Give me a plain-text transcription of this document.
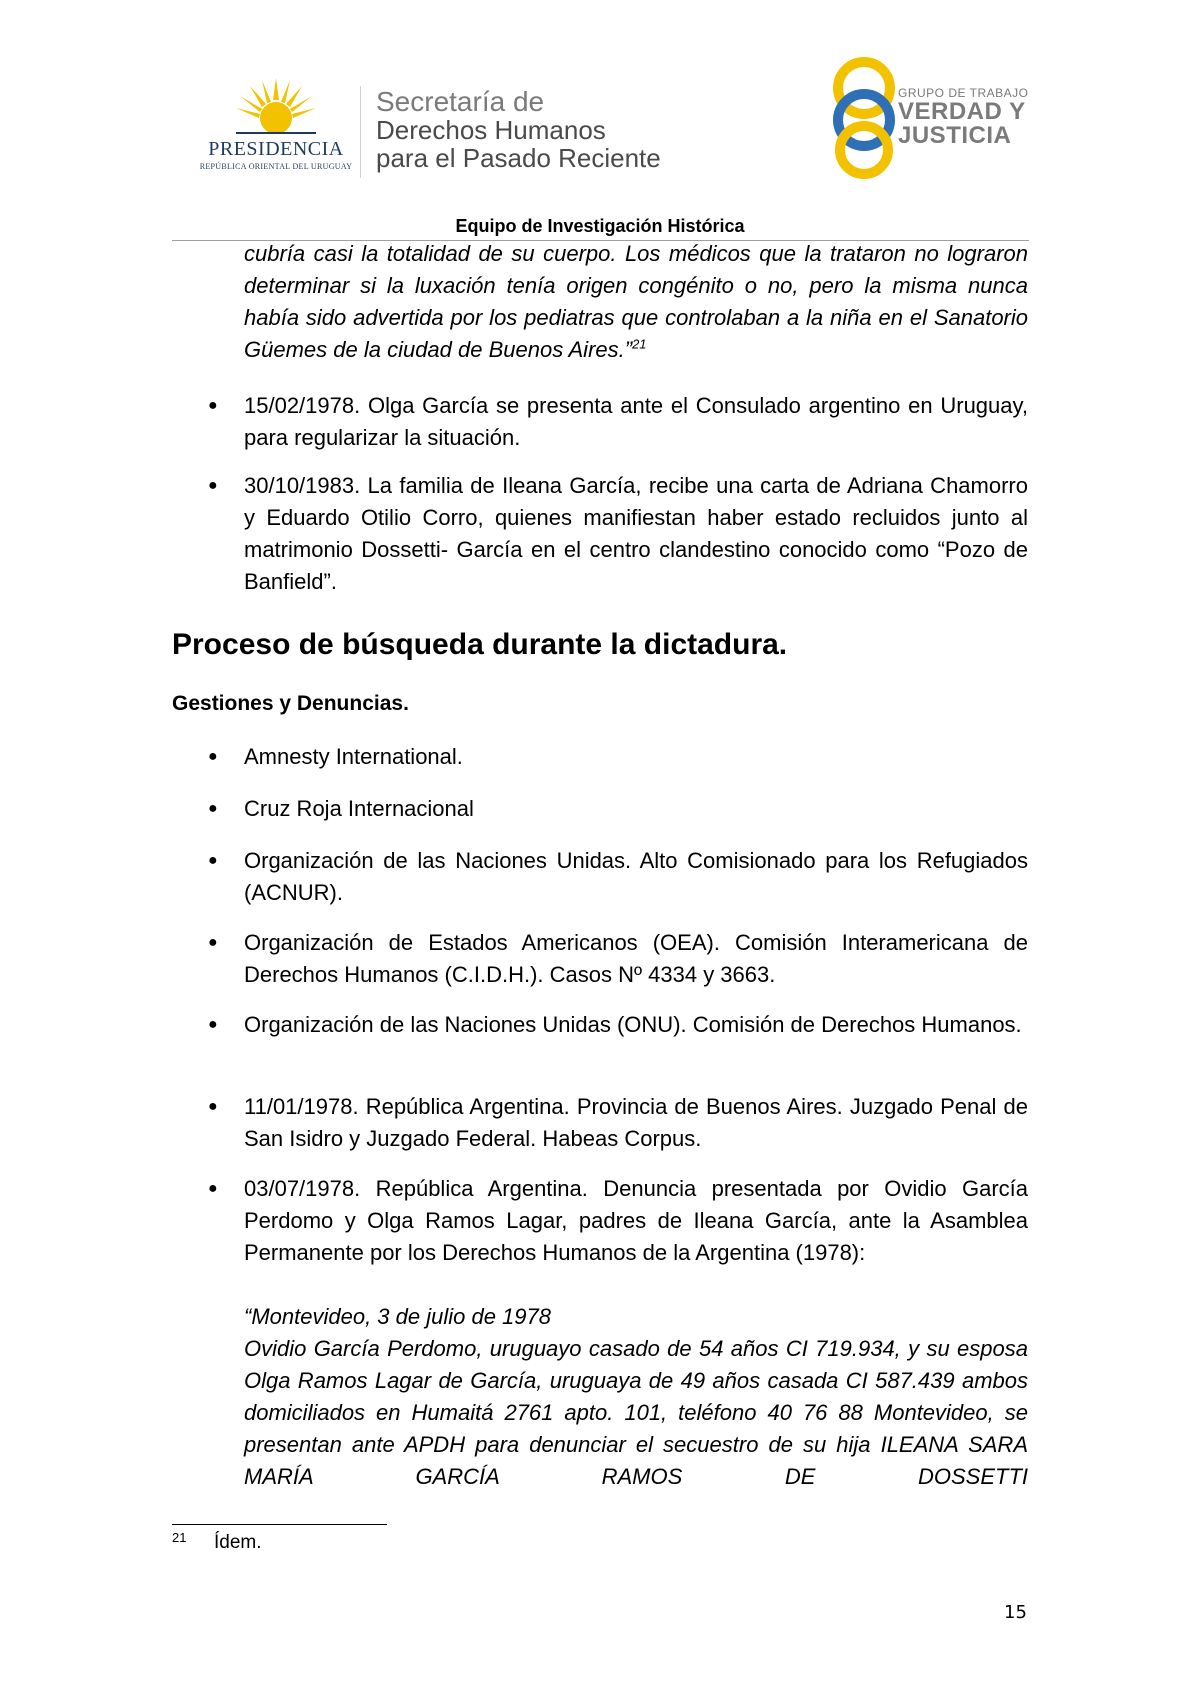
PRESIDENCIA
REPÚBLICA ORIENTAL DEL URUGUAY
Secretaría de
Derechos Humanos
para el Pasado Reciente
GRUPO DE TRABAJO
VERDAD Y
JUSTICIA
Equipo de Investigación Histórica
cubría casi la totalidad de su cuerpo. Los médicos que la trataron no lograron determinar si la luxación tenía origen congénito o no, pero la misma nunca había sido advertida por los pediatras que controlaban a la niña en el Sanatorio Güemes de la ciudad de Buenos Aires.”$^{21}$
● 15/02/1978. Olga García se presenta ante el Consulado argentino en Uruguay, para regularizar la situación.
● 30/10/1983. La familia de Ileana García, recibe una carta de Adriana Chamorro y Eduardo Otilio Corro, quienes manifiestan haber estado recluidos junto al matrimonio Dossetti- García en el centro clandestino conocido como “Pozo de Banfield”.
Proceso de búsqueda durante la dictadura.
Gestiones y Denuncias.
● Amnesty International.
● Cruz Roja Internacional
● Organización de las Naciones Unidas. Alto Comisionado para los Refugiados (ACNUR).
● Organización de Estados Americanos (OEA). Comisión Interamericana de Derechos Humanos (C.I.D.H.). Casos Nº 4334 y 3663.
● Organización de las Naciones Unidas (ONU). Comisión de Derechos Humanos.
● 11/01/1978. República Argentina. Provincia de Buenos Aires. Juzgado Penal de San Isidro y Juzgado Federal. Habeas Corpus.
● 03/07/1978. República Argentina. Denuncia presentada por Ovidio García Perdomo y Olga Ramos Lagar, padres de Ileana García, ante la Asamblea Permanente por los Derechos Humanos de la Argentina (1978):
“Montevideo, 3 de julio de 1978
Ovidio García Perdomo, uruguayo casado de 54 años CI 719.934, y su esposa Olga Ramos Lagar de García, uruguaya de 49 años casada CI 587.439 ambos domiciliados en Humaitá 2761 apto. 101, teléfono 40 76 88 Montevideo, se presentan ante APDH para denunciar el secuestro de su hija ILEANA SARA MARÍA GARCÍA RAMOS DE DOSSETTI
21 Ídem.
15
